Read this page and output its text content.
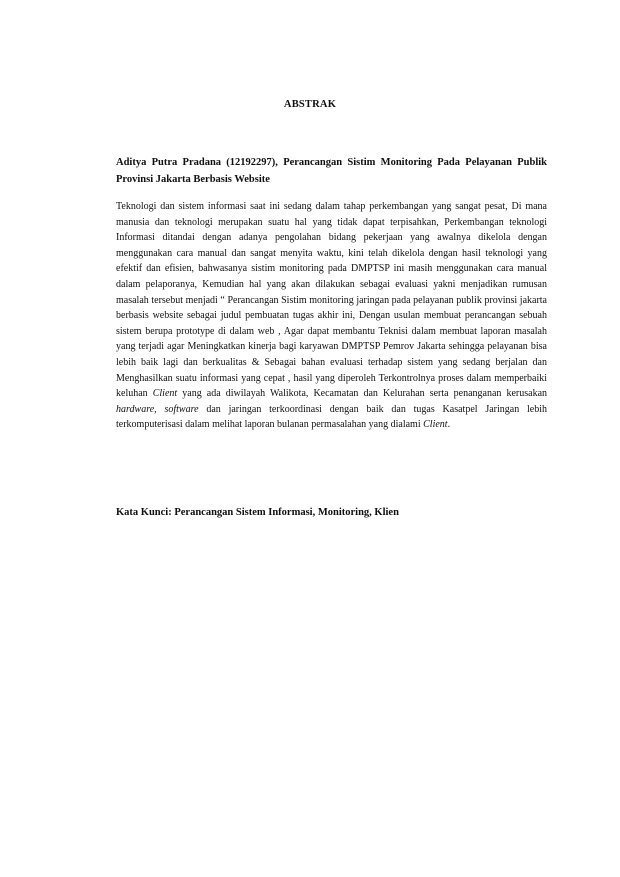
ABSTRAK
Aditya Putra Pradana (12192297), Perancangan Sistim Monitoring Pada Pelayanan Publik Provinsi Jakarta Berbasis Website
Teknologi dan sistem informasi saat ini sedang dalam tahap perkembangan yang sangat pesat, Di mana manusia dan teknologi merupakan suatu hal yang tidak dapat terpisahkan, Perkembangan teknologi Informasi ditandai dengan adanya pengolahan bidang pekerjaan yang awalnya dikelola dengan menggunakan cara manual dan sangat menyita waktu, kini telah dikelola dengan hasil teknologi yang efektif dan efisien, bahwasanya sistim monitoring pada DMPTSP ini masih menggunakan cara manual dalam pelaporanya, Kemudian hal yang akan dilakukan sebagai evaluasi yakni menjadikan rumusan masalah tersebut menjadi “ Perancangan Sistim monitoring jaringan pada pelayanan publik provinsi jakarta berbasis website sebagai judul pembuatan tugas akhir ini, Dengan usulan membuat perancangan sebuah sistem berupa prototype di dalam web , Agar dapat membantu Teknisi dalam membuat laporan masalah yang terjadi agar Meningkatkan kinerja bagi karyawan DMPTSP Pemrov Jakarta sehingga pelayanan bisa lebih baik lagi dan berkualitas & Sebagai bahan evaluasi terhadap sistem yang sedang berjalan dan Menghasilkan suatu informasi yang cepat , hasil yang diperoleh Terkontrolnya proses dalam memperbaiki keluhan Client yang ada diwilayah Walikota, Kecamatan dan Kelurahan serta penanganan kerusakan hardware, software dan jaringan terkoordinasi dengan baik dan tugas Kasatpel Jaringan lebih terkomputerisasi dalam melihat laporan bulanan permasalahan yang dialami Client.
Kata Kunci: Perancangan Sistem Informasi, Monitoring, Klien
